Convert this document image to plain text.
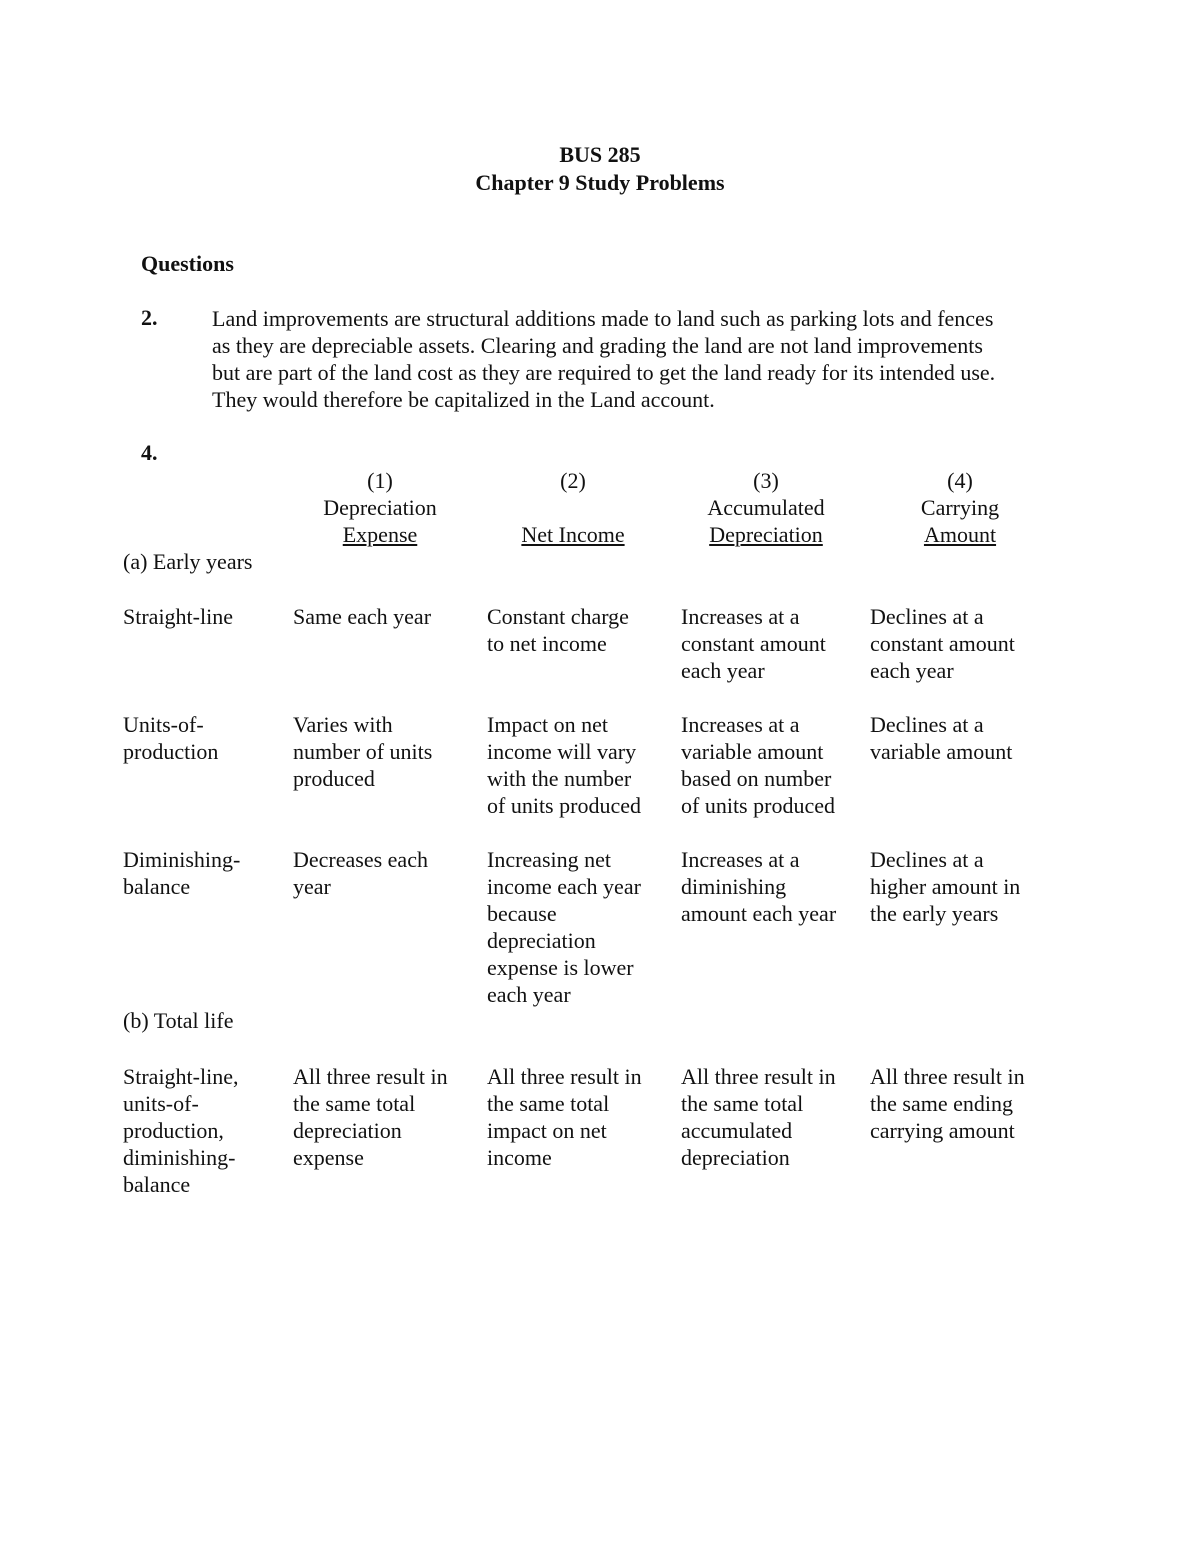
BUS 285
Chapter 9 Study Problems
Questions
2. Land improvements are structural additions made to land such as parking lots and fences
as they are depreciable assets. Clearing and grading the land are not land improvements
but are part of the land cost as they are required to get the land ready for its intended use.
They would therefore be capitalized in the Land account.
4.
(1)
Depreciation
Expense
(2)
Net Income
(3)
Accumulated
Depreciation
(4)
Carrying
Amount
(a) Early years
Straight-line	Same each year	Constant charge
to net income
Increases at a
constant amount
each year
Declines at a
constant amount
each year
Units-of-
production
Varies with
number of units
produced
Impact on net
income will vary
with the number
of units produced
Increases at a
variable amount
based on number
of units produced
Declines at a
variable amount
Diminishing-
balance
Decreases each
year
Increasing net
income each year
because
depreciation
expense is lower
each year
Increases at a
diminishing
amount each year
Declines at a
higher amount in
the early years
(b) Total life
Straight-line,
units-of-
production,
diminishing-
balance
All three result in
the same total
depreciation
expense
All three result in
the same total
impact on net
income
All three result in
the same total
accumulated
depreciation
All three result in
the same ending
carrying amount
